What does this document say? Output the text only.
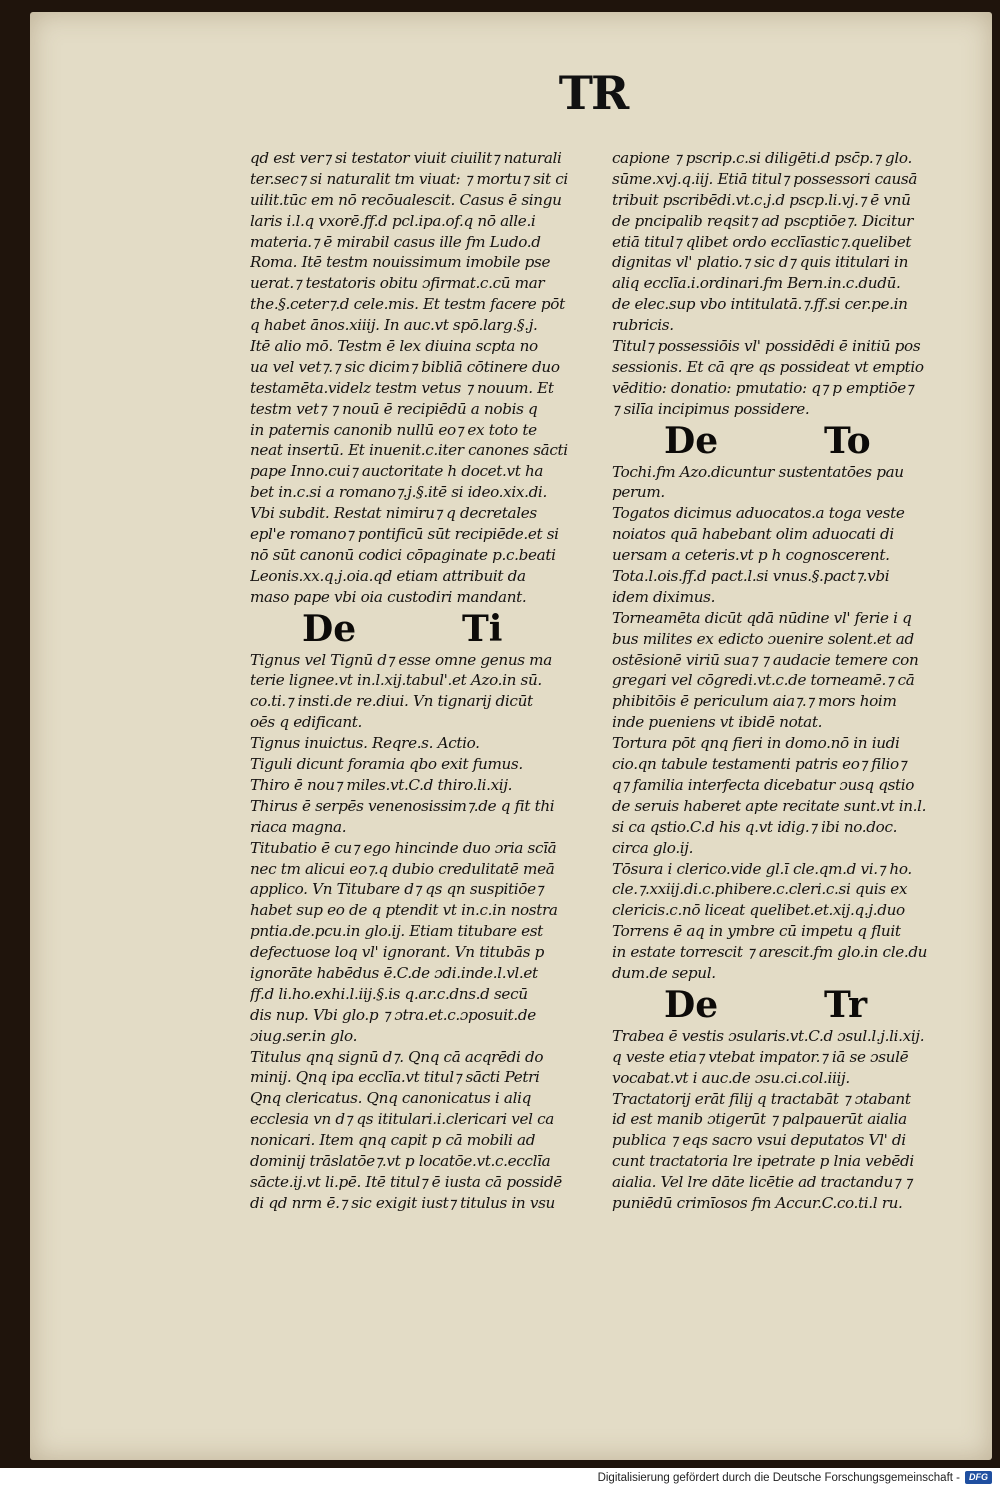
TR
qd est ver⁊ si testator viuit ciuilit⁊ naturali
ter.sec⁊ si naturalit tm viuat: ⁊ mortu⁊ sit ci
uilit.tūc em nō recōualescit. Casus ē singu
laris i.l.q vxorē.ff.d pcl.ipa.of.q nō alle.i
materia.⁊ ē mirabil casus ille fm Ludo.d
Roma. Itē testm nouissimum imobile pse
uerat.⁊ testatoris obitu ɔfirmat.c.cū mar
the.§.ceter⁊.d cele.mis. Et testm facere pōt
q habet ānos.xiiij. In auc.vt spō.larg.§.j.
Itē alio mō. Testm ē lex diuina scpta no
ua vel vet⁊.⁊ sic dicim⁊ bibliā cōtinere duo
testamēta.videlz testm vetus ⁊ nouum. Et
testm vet⁊ ⁊ nouū ē recipiēdū a nobis q
in paternis canonib nullū eo⁊ ex toto te
neat insertū. Et inuenit.c.iter canones sācti
pape Inno.cui⁊ auctoritate h docet.vt ha
bet in.c.si a romano⁊.j.§.itē si ideo.xix.di.
Vbi subdit. Restat nimiru⁊ q decretales
epl'e romano⁊ pontificū sūt recipiēde.et si
nō sūt canonū codici cōpaginate p.c.beati
Leonis.xx.q.j.oia.qd etiam attribuit da
maso pape vbi oia custodiri mandant.
De	Ti
Tignus vel Tignū d⁊ esse omne genus ma
terie lignee.vt in.l.xij.tabul'.et Azo.in sū.
co.ti.⁊ insti.de re.diui. Vn tignarij dicūt
oēs q edificant.
Tignus inuictus. Reqre.s. Actio.
Tiguli dicunt foramia qbo exit fumus.
Thiro ē nou⁊ miles.vt.C.d thiro.li.xij.
Thirus ē serpēs venenosissim⁊.de q fit thi
riaca magna.
Titubatio ē cu⁊ ego hincinde duo ɔria scīā
nec tm alicui eo⁊.q dubio credulitatē meā
applico. Vn Titubare d⁊ qs qn suspitiōe⁊
habet sup eo de q ptendit vt in.c.in nostra
pntia.de.pcu.in glo.ij. Etiam titubare est
defectuose loq vl' ignorant. Vn titubās p
ignorāte habēdus ē.C.de ɔdi.inde.l.vl.et
ff.d li.ho.exhi.l.iij.§.is q.ar.c.dns.d secū
dis nup. Vbi glo.p ⁊ ɔtra.et.c.ɔposuit.de
ɔiug.ser.in glo.
Titulus qnq signū d⁊. Qnq cā acqrēdi do
minij. Qnq ipa ecclīa.vt titul⁊ sācti Petri
Qnq clericatus. Qnq canonicatus i aliq
ecclesia vn d⁊ qs ititulari.i.clericari vel ca
nonicari. Item qnq capit p cā mobili ad
dominij trāslatōe⁊.vt p locatōe.vt.c.ecclīa
sācte.ij.vt li.pē. Itē titul⁊ ē iusta cā possidē
di qd nrm ē.⁊ sic exigit iust⁊ titulus in vsu
capione ⁊ pscrip.c.si diligēti.d psc̄p.⁊ glo.
sūme.xvj.q.iij. Etiā titul⁊ possessori causā
tribuit pscribēdi.vt.c.j.d pscp.li.vj.⁊ ē vnū
de pncipalib reqsit⁊ ad pscptiōe⁊. Dicitur
etiā titul⁊ qlibet ordo ecclīastic⁊.quelibet
dignitas vl' platio.⁊ sic d⁊ quis ititulari in
aliq ecclīa.i.ordinari.fm Bern.in.c.dudū.
de elec.sup vbo intitulatā.⁊.ff.si cer.pe.in
rubricis.
Titul⁊ possessiōis vl' possidēdi ē initiū pos
sessionis. Et cā qre qs possideat vt emptio
vēditio: donatio: pmutatio: q⁊ p emptiōe⁊
⁊ silīa incipimus possidere.
De	To
Tochi.fm Azo.dicuntur sustentatōes pau
perum.
Togatos dicimus aduocatos.a toga veste
noiatos quā habebant olim aduocati di
uersam a ceteris.vt p h cognoscerent.
Tota.l.ois.ff.d pact.l.si vnus.§.pact⁊.vbi
idem diximus.
Torneamēta dicūt qdā nūdine vl' ferie i q
bus milites ex edicto ɔuenire solent.et ad
ostēsionē viriū sua⁊ ⁊ audacie temere con
gregari vel cōgredi.vt.c.de torneamē.⁊ cā
phibitōis ē periculum aia⁊.⁊ mors hoim
inde pueniens vt ibidē notat.
Tortura pōt qnq fieri in domo.nō in iudi
cio.qn tabule testamenti patris eo⁊ filio⁊
q⁊ familia interfecta dicebatur ɔusq qstio
de seruis haberet apte recitate sunt.vt in.l.
si ca qstio.C.d his q.vt idig.⁊ ibi no.doc.
circa glo.ij.
Tōsura i clerico.vide gl.ī cle.qm.d vi.⁊ ho.
cle.⁊.xxiij.di.c.phibere.c.cleri.c.si quis ex
clericis.c.nō liceat quelibet.et.xij.q.j.duo
Torrens ē aq in ymbre cū impetu q fluit
in estate torrescit ⁊ arescit.fm glo.in cle.du
dum.de sepul.
De	Tr
Trabea ē vestis ɔsularis.vt.C.d ɔsul.l.j.li.xij.
q veste etia⁊ vtebat impator.⁊ iā se ɔsulē
vocabat.vt i auc.de ɔsu.ci.col.iiij.
Tractatorij erāt filij q tractabāt ⁊ ɔtabant
id est manib ɔtigerūt ⁊ palpauerūt aialia
publica ⁊ eqs sacro vsui deputatos Vl' di
cunt tractatoria lre ipetrate p lnia vebēdi
aialia. Vel lre dāte licētie ad tractandu⁊ ⁊
puniēdū crimīosos fm Accur.C.co.ti.l ru.
Digitalisierung gefördert durch die Deutsche Forschungsgemeinschaft -	DFG
